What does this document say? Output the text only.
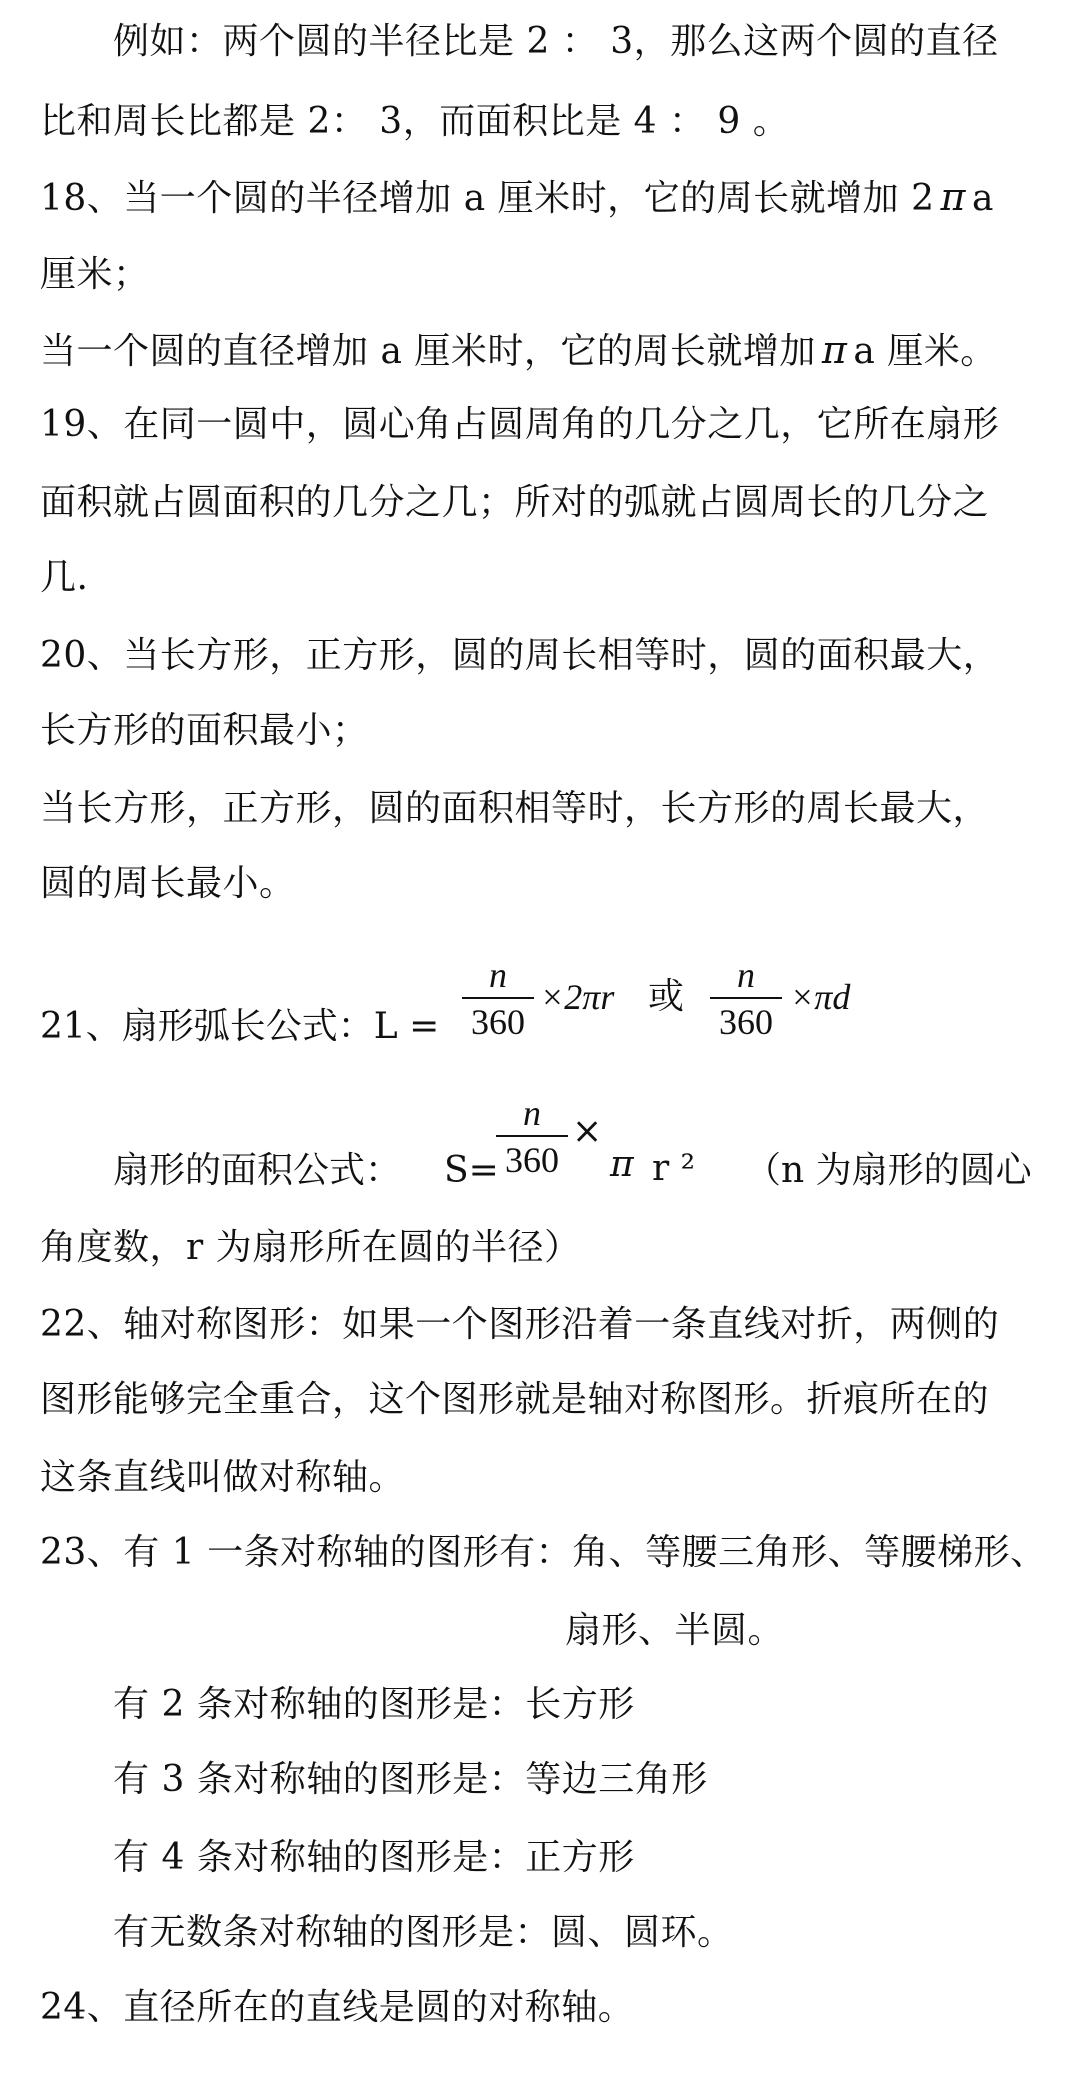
例如：两个圆的半径比是 2 ： 3，那么这两个圆的直径
比和周长比都是 2： 3，而面积比是 4 ： 9 。
18、当一个圆的半径增加 a 厘米时，它的周长就增加 2 π a
厘米；
当一个圆的直径增加 a 厘米时，它的周长就增加 π a 厘米。
19、在同一圆中，圆心角占圆周角的几分之几，它所在扇形
面积就占圆面积的几分之几；所对的弧就占圆周长的几分之
几.
20、当长方形，正方形，圆的周长相等时，圆的面积最大，
长方形的面积最小；
当长方形，正方形，圆的面积相等时，长方形的周长最大，
圆的周长最小。
21、扇形弧长公式：L =
n
360
×2πr 或
n
360
×πd
扇形的面积公式： S=
n
360
×
π r ² （n 为扇形的圆心
角度数，r 为扇形所在圆的半径）
22、轴对称图形：如果一个图形沿着一条直线对折，两侧的
图形能够完全重合，这个图形就是轴对称图形。折痕所在的
这条直线叫做对称轴。
23、有 1 一条对称轴的图形有：角、等腰三角形、等腰梯形、
扇形、半圆。
有 2 条对称轴的图形是：长方形
有 3 条对称轴的图形是：等边三角形
有 4 条对称轴的图形是：正方形
有无数条对称轴的图形是：圆、圆环。
24、直径所在的直线是圆的对称轴。
